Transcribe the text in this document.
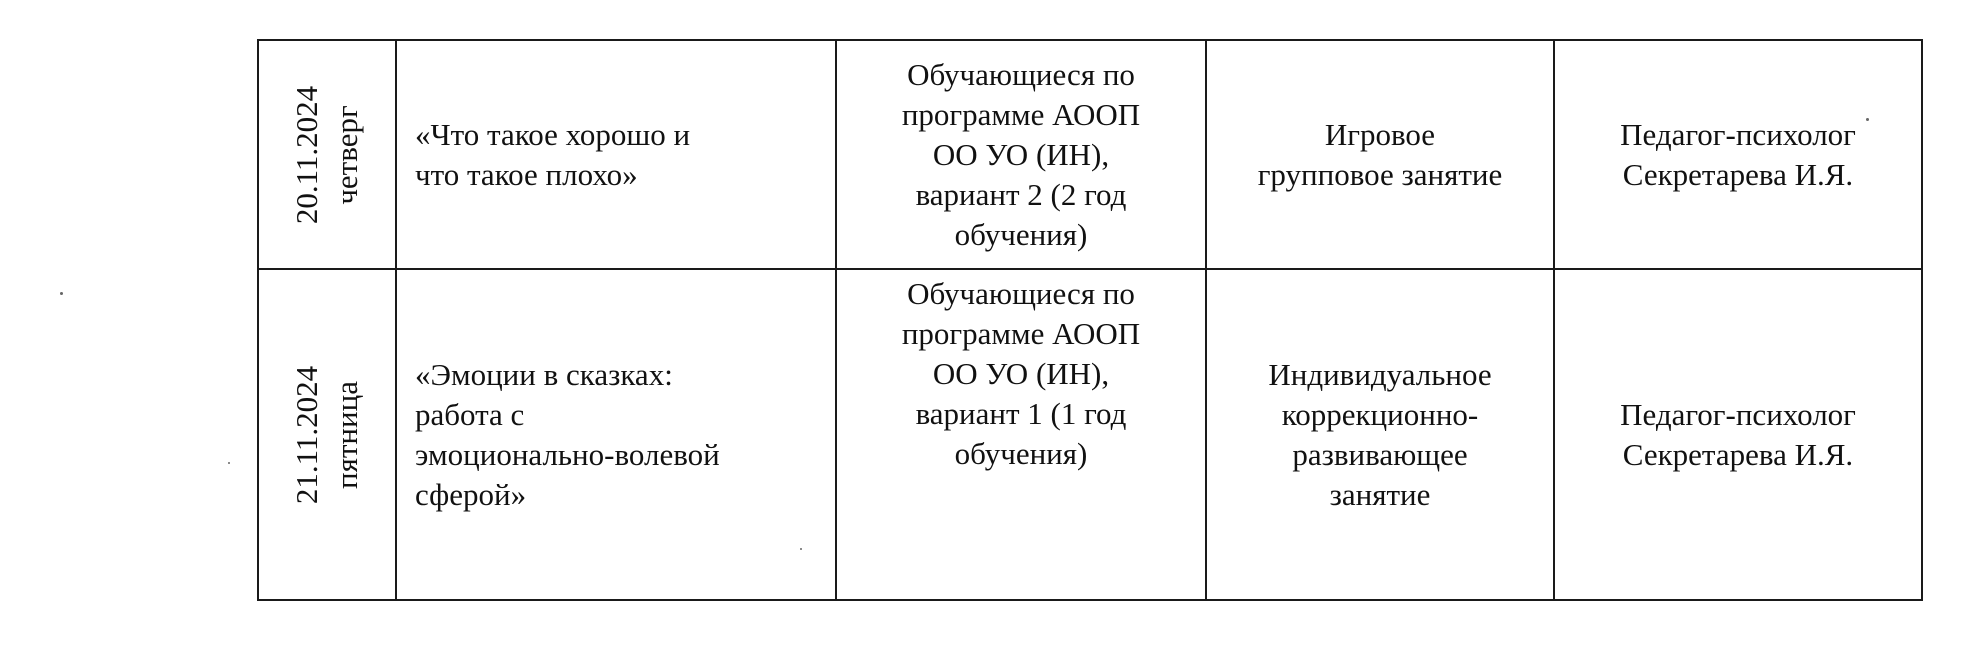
20.11.2024 четверг	«Что такое хорошо и
что такое плохо»	Обучающиеся по
программе АООП
ОО УО (ИН),
вариант 2 (2 год
обучения)	Игровое
групповое занятие	Педагог-психолог
Секретарева И.Я.

21.11.2024 пятница	«Эмоции в сказках:
работа с
эмоционально-волевой
сферой»	Обучающиеся по
программе АООП
ОО УО (ИН),
вариант 1 (1 год
обучения)	Индивидуальное
коррекционно-
развивающее
занятие	Педагог-психолог
Секретарева И.Я.
